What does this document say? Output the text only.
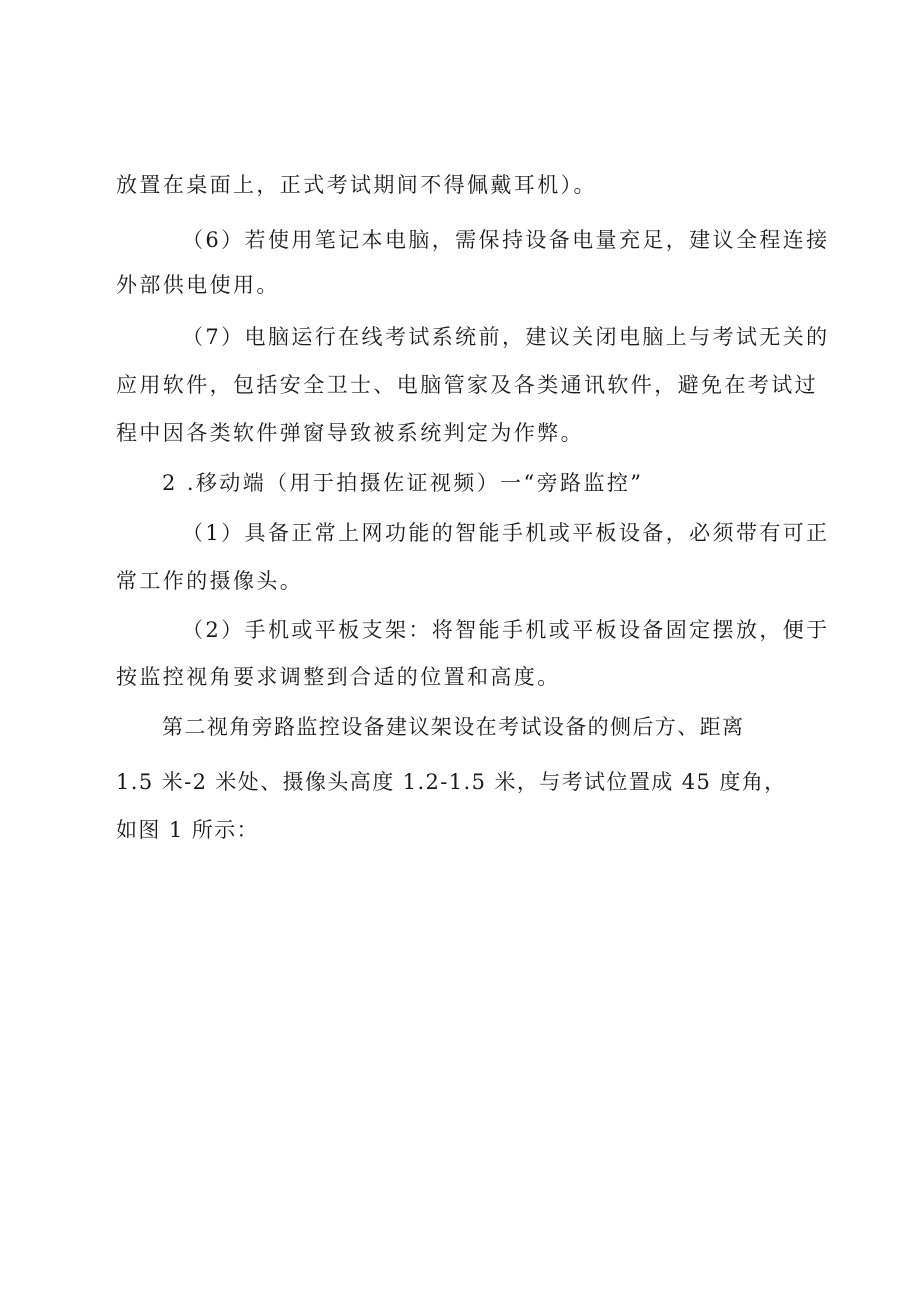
放置在桌面上，正式考试期间不得佩戴耳机）。
（6）若使用笔记本电脑，需保持设备电量充足，建议全程连接
外部供电使用。
（7）电脑运行在线考试系统前，建议关闭电脑上与考试无关的
应用软件，包括安全卫士、电脑管家及各类通讯软件，避免在考试过
程中因各类软件弹窗导致被系统判定为作弊。
2 .移动端（用于拍摄佐证视频）一“旁路监控”
（1）具备正常上网功能的智能手机或平板设备，必须带有可正
常工作的摄像头。
（2）手机或平板支架：将智能手机或平板设备固定摆放，便于
按监控视角要求调整到合适的位置和高度。
第二视角旁路监控设备建议架设在考试设备的侧后方、距离
1.5 米-2 米处、摄像头高度 1.2-1.5 米，与考试位置成 45 度角，
如图 1 所示：
